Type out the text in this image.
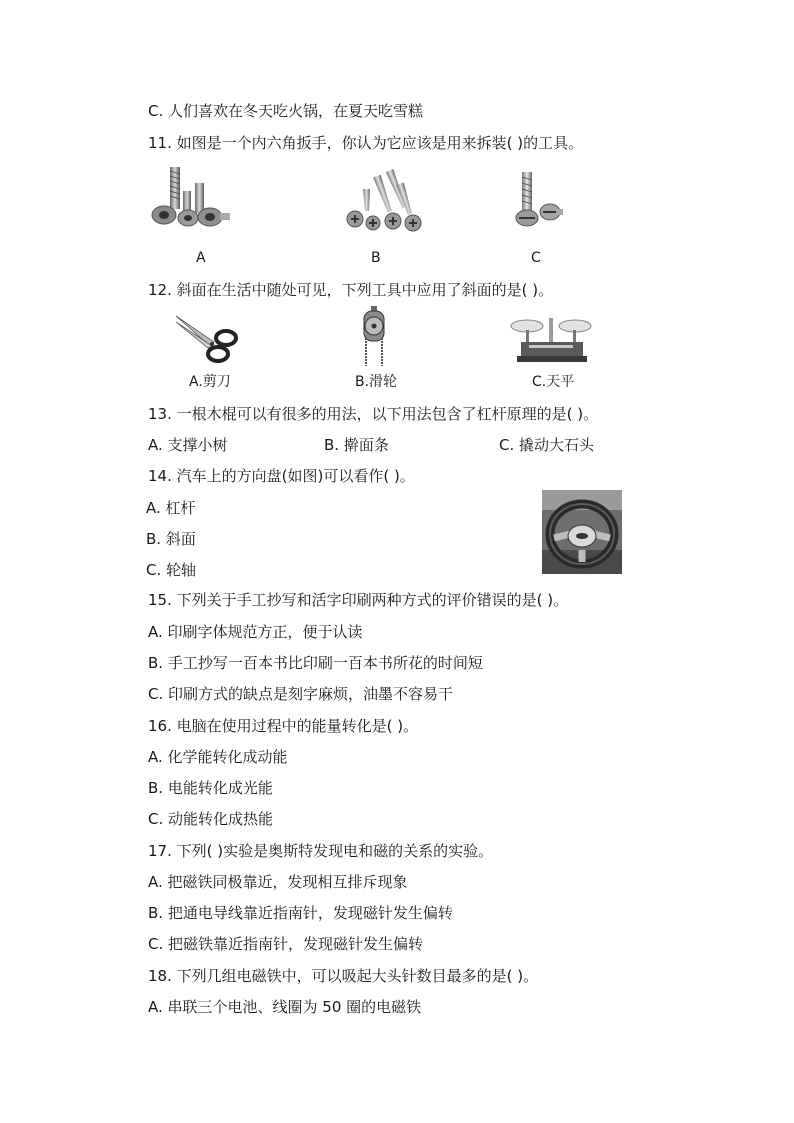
C. 人们喜欢在冬天吃火锅，在夏天吃雪糕
11. 如图是一个内六角扳手，你认为它应该是用来拆装( )的工具。
A	B	C
12. 斜面在生活中随处可见，下列工具中应用了斜面的是( )。
A.剪刀	B.滑轮	C.天平
13. 一根木棍可以有很多的用法，以下用法包含了杠杆原理的是( )。
A. 支撑小树	B. 擀面条	C. 撬动大石头
14. 汽车上的方向盘(如图)可以看作( )。
A. 杠杆
B. 斜面
C. 轮轴
15. 下列关于手工抄写和活字印刷两种方式的评价错误的是( )。
A. 印刷字体规范方正，便于认读
B. 手工抄写一百本书比印刷一百本书所花的时间短
C. 印刷方式的缺点是刻字麻烦，油墨不容易干
16. 电脑在使用过程中的能量转化是( )。
A. 化学能转化成动能
B. 电能转化成光能
C. 动能转化成热能
17. 下列( )实验是奥斯特发现电和磁的关系的实验。
A. 把磁铁同极靠近，发现相互排斥现象
B. 把通电导线靠近指南针，发现磁针发生偏转
C. 把磁铁靠近指南针，发现磁针发生偏转
18. 下列几组电磁铁中，可以吸起大头针数目最多的是( )。
A. 串联三个电池、线圈为 50 圈的电磁铁
